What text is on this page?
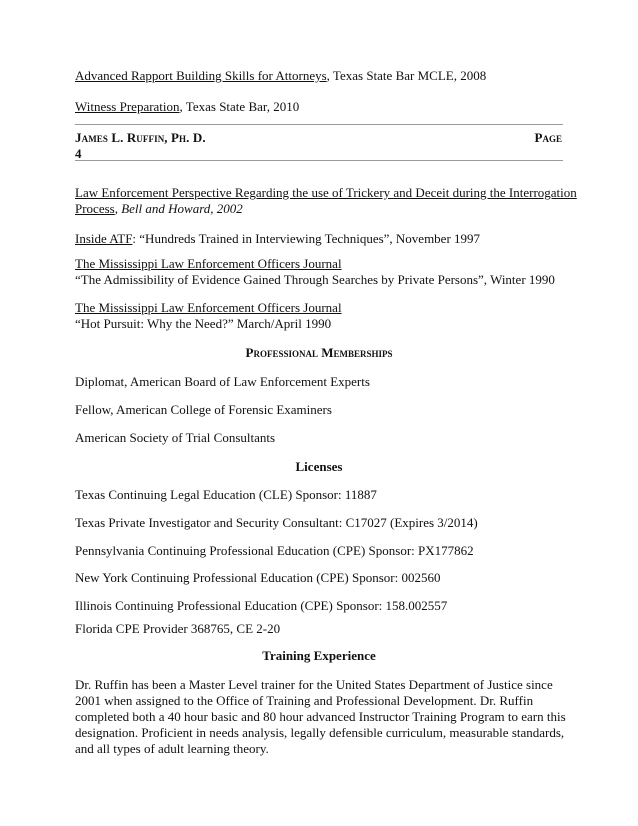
Advanced Rapport Building Skills for Attorneys, Texas State Bar MCLE, 2008
Witness Preparation, Texas State Bar, 2010
James L. Ruffin, Ph. D.	Page
4
Law Enforcement Perspective Regarding the use of Trickery and Deceit during the Interrogation
Process, Bell and Howard, 2002
Inside ATF: “Hundreds Trained in Interviewing Techniques”, November 1997
The Mississippi Law Enforcement Officers Journal
“The Admissibility of Evidence Gained Through Searches by Private Persons”, Winter 1990
The Mississippi Law Enforcement Officers Journal
“Hot Pursuit: Why the Need?” March/April 1990
Professional Memberships
Diplomat, American Board of Law Enforcement Experts
Fellow, American College of Forensic Examiners
American Society of Trial Consultants
Licenses
Texas Continuing Legal Education (CLE) Sponsor: 11887
Texas Private Investigator and Security Consultant: C17027 (Expires 3/2014)
Pennsylvania Continuing Professional Education (CPE) Sponsor: PX177862
New York Continuing Professional Education (CPE) Sponsor: 002560
Illinois Continuing Professional Education (CPE) Sponsor: 158.002557
Florida CPE Provider 368765, CE 2-20
Training Experience
Dr. Ruffin has been a Master Level trainer for the United States Department of Justice since
2001 when assigned to the Office of Training and Professional Development. Dr. Ruffin
completed both a 40 hour basic and 80 hour advanced Instructor Training Program to earn this
designation. Proficient in needs analysis, legally defensible curriculum, measurable standards,
and all types of adult learning theory.
